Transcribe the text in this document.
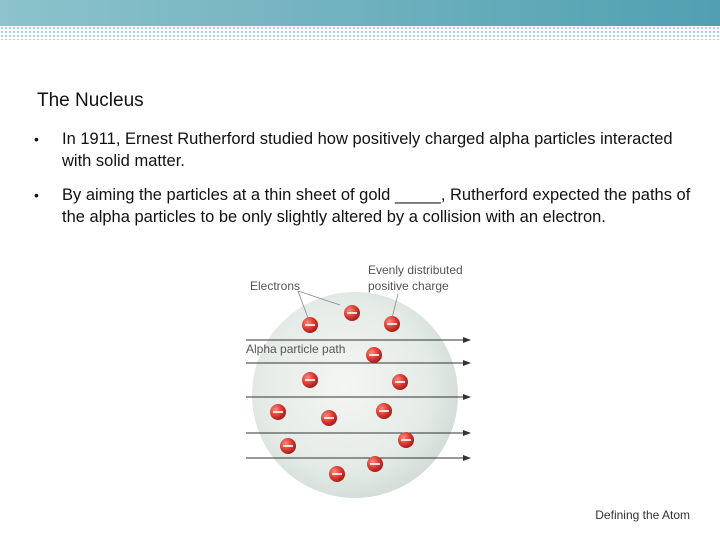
The Nucleus
• In 1911, Ernest Rutherford studied how positively charged alpha particles interacted with solid matter.
• By aiming the particles at a thin sheet of gold _____, Rutherford expected the paths of the alpha particles to be only slightly altered by a collision with an electron.
Electrons
Evenly distributed
positive charge
Alpha particle path
Defining the Atom
